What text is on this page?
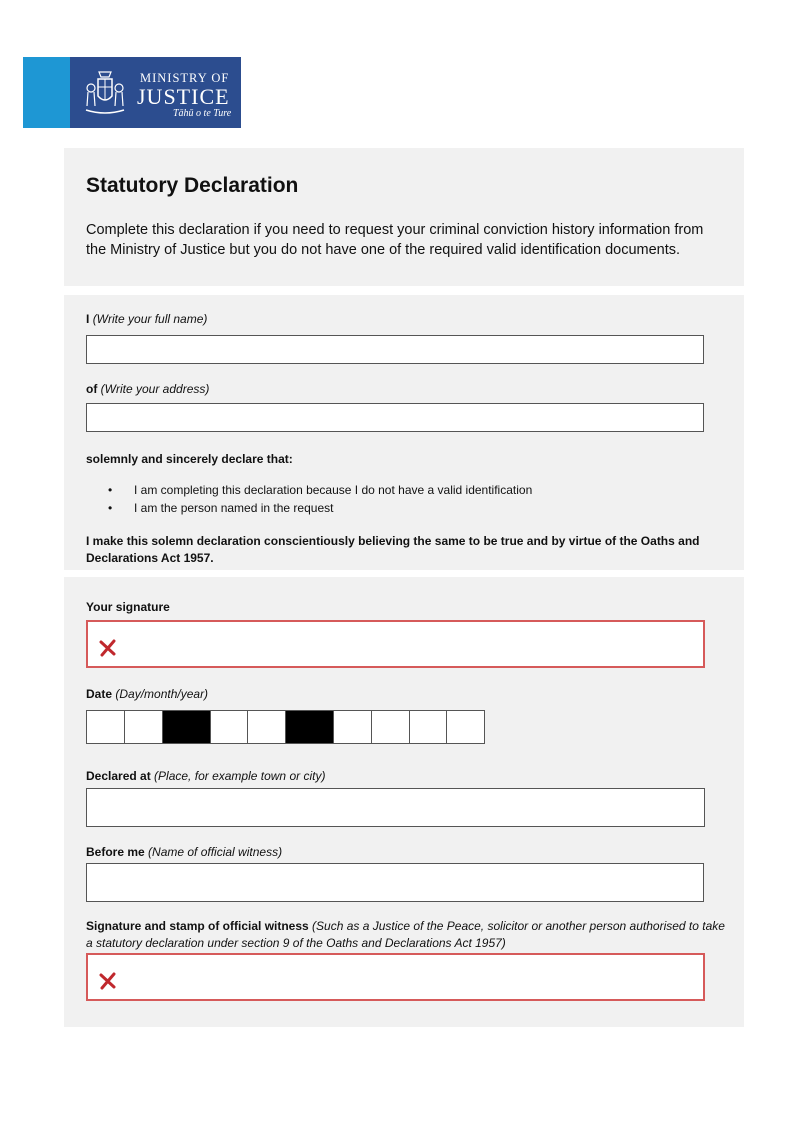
MINISTRY OF
JUSTICE
Tāhū o te Ture
Statutory Declaration

Complete this declaration if you need to request your criminal conviction history information from the Ministry of Justice but you do not have one of the required valid identification documents.

I (Write your full name)
of (Write your address)
solemnly and sincerely declare that:
• I am completing this declaration because I do not have a valid identification
• I am the person named in the request

I make this solemn declaration conscientiously believing the same to be true and by virtue of the Oaths and Declarations Act 1957.

Your signature
Date (Day/month/year)
Declared at (Place, for example town or city)
Before me (Name of official witness)
Signature and stamp of official witness (Such as a Justice of the Peace, solicitor or another person authorised to take a statutory declaration under section 9 of the Oaths and Declarations Act 1957)
